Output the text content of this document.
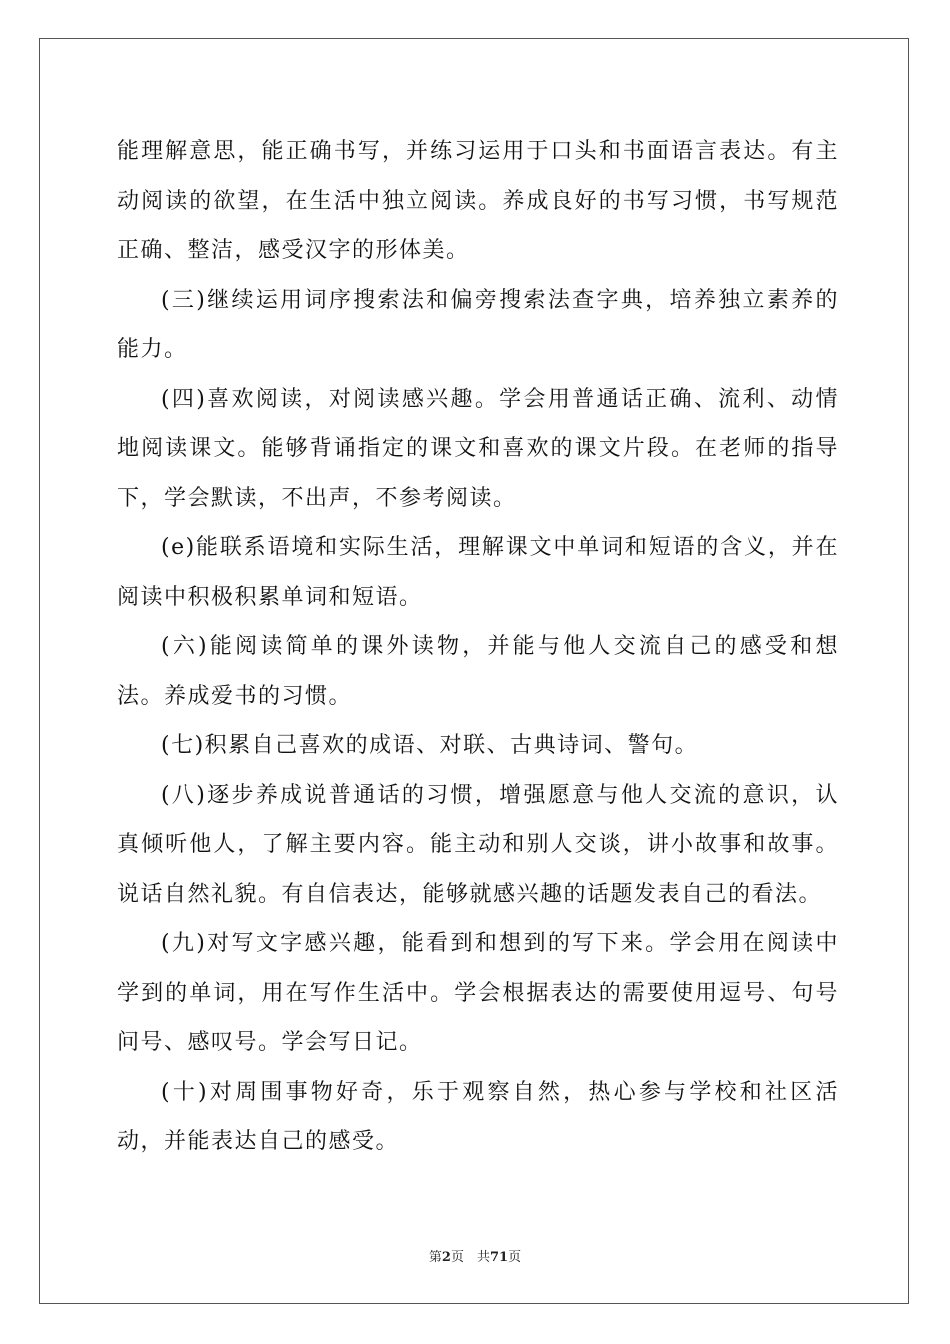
能理解意思，能正确书写，并练习运用于口头和书面语言表达。有主动阅读的欲望，在生活中独立阅读。养成良好的书写习惯，书写规范正确、整洁，感受汉字的形体美。

(三)继续运用词序搜索法和偏旁搜索法查字典，培养独立素养的能力。

(四)喜欢阅读，对阅读感兴趣。学会用普通话正确、流利、动情地阅读课文。能够背诵指定的课文和喜欢的课文片段。在老师的指导下，学会默读，不出声，不参考阅读。

(e)能联系语境和实际生活，理解课文中单词和短语的含义，并在阅读中积极积累单词和短语。

(六)能阅读简单的课外读物，并能与他人交流自己的感受和想法。养成爱书的习惯。

(七)积累自己喜欢的成语、对联、古典诗词、警句。

(八)逐步养成说普通话的习惯，增强愿意与他人交流的意识，认真倾听他人，了解主要内容。能主动和别人交谈，讲小故事和故事。说话自然礼貌。有自信表达，能够就感兴趣的话题发表自己的看法。

(九)对写文字感兴趣，能看到和想到的写下来。学会用在阅读中学到的单词，用在写作生活中。学会根据表达的需要使用逗号、句号问号、感叹号。学会写日记。

(十)对周围事物好奇，乐于观察自然，热心参与学校和社区活动，并能表达自己的感受。

第2页　共71页
